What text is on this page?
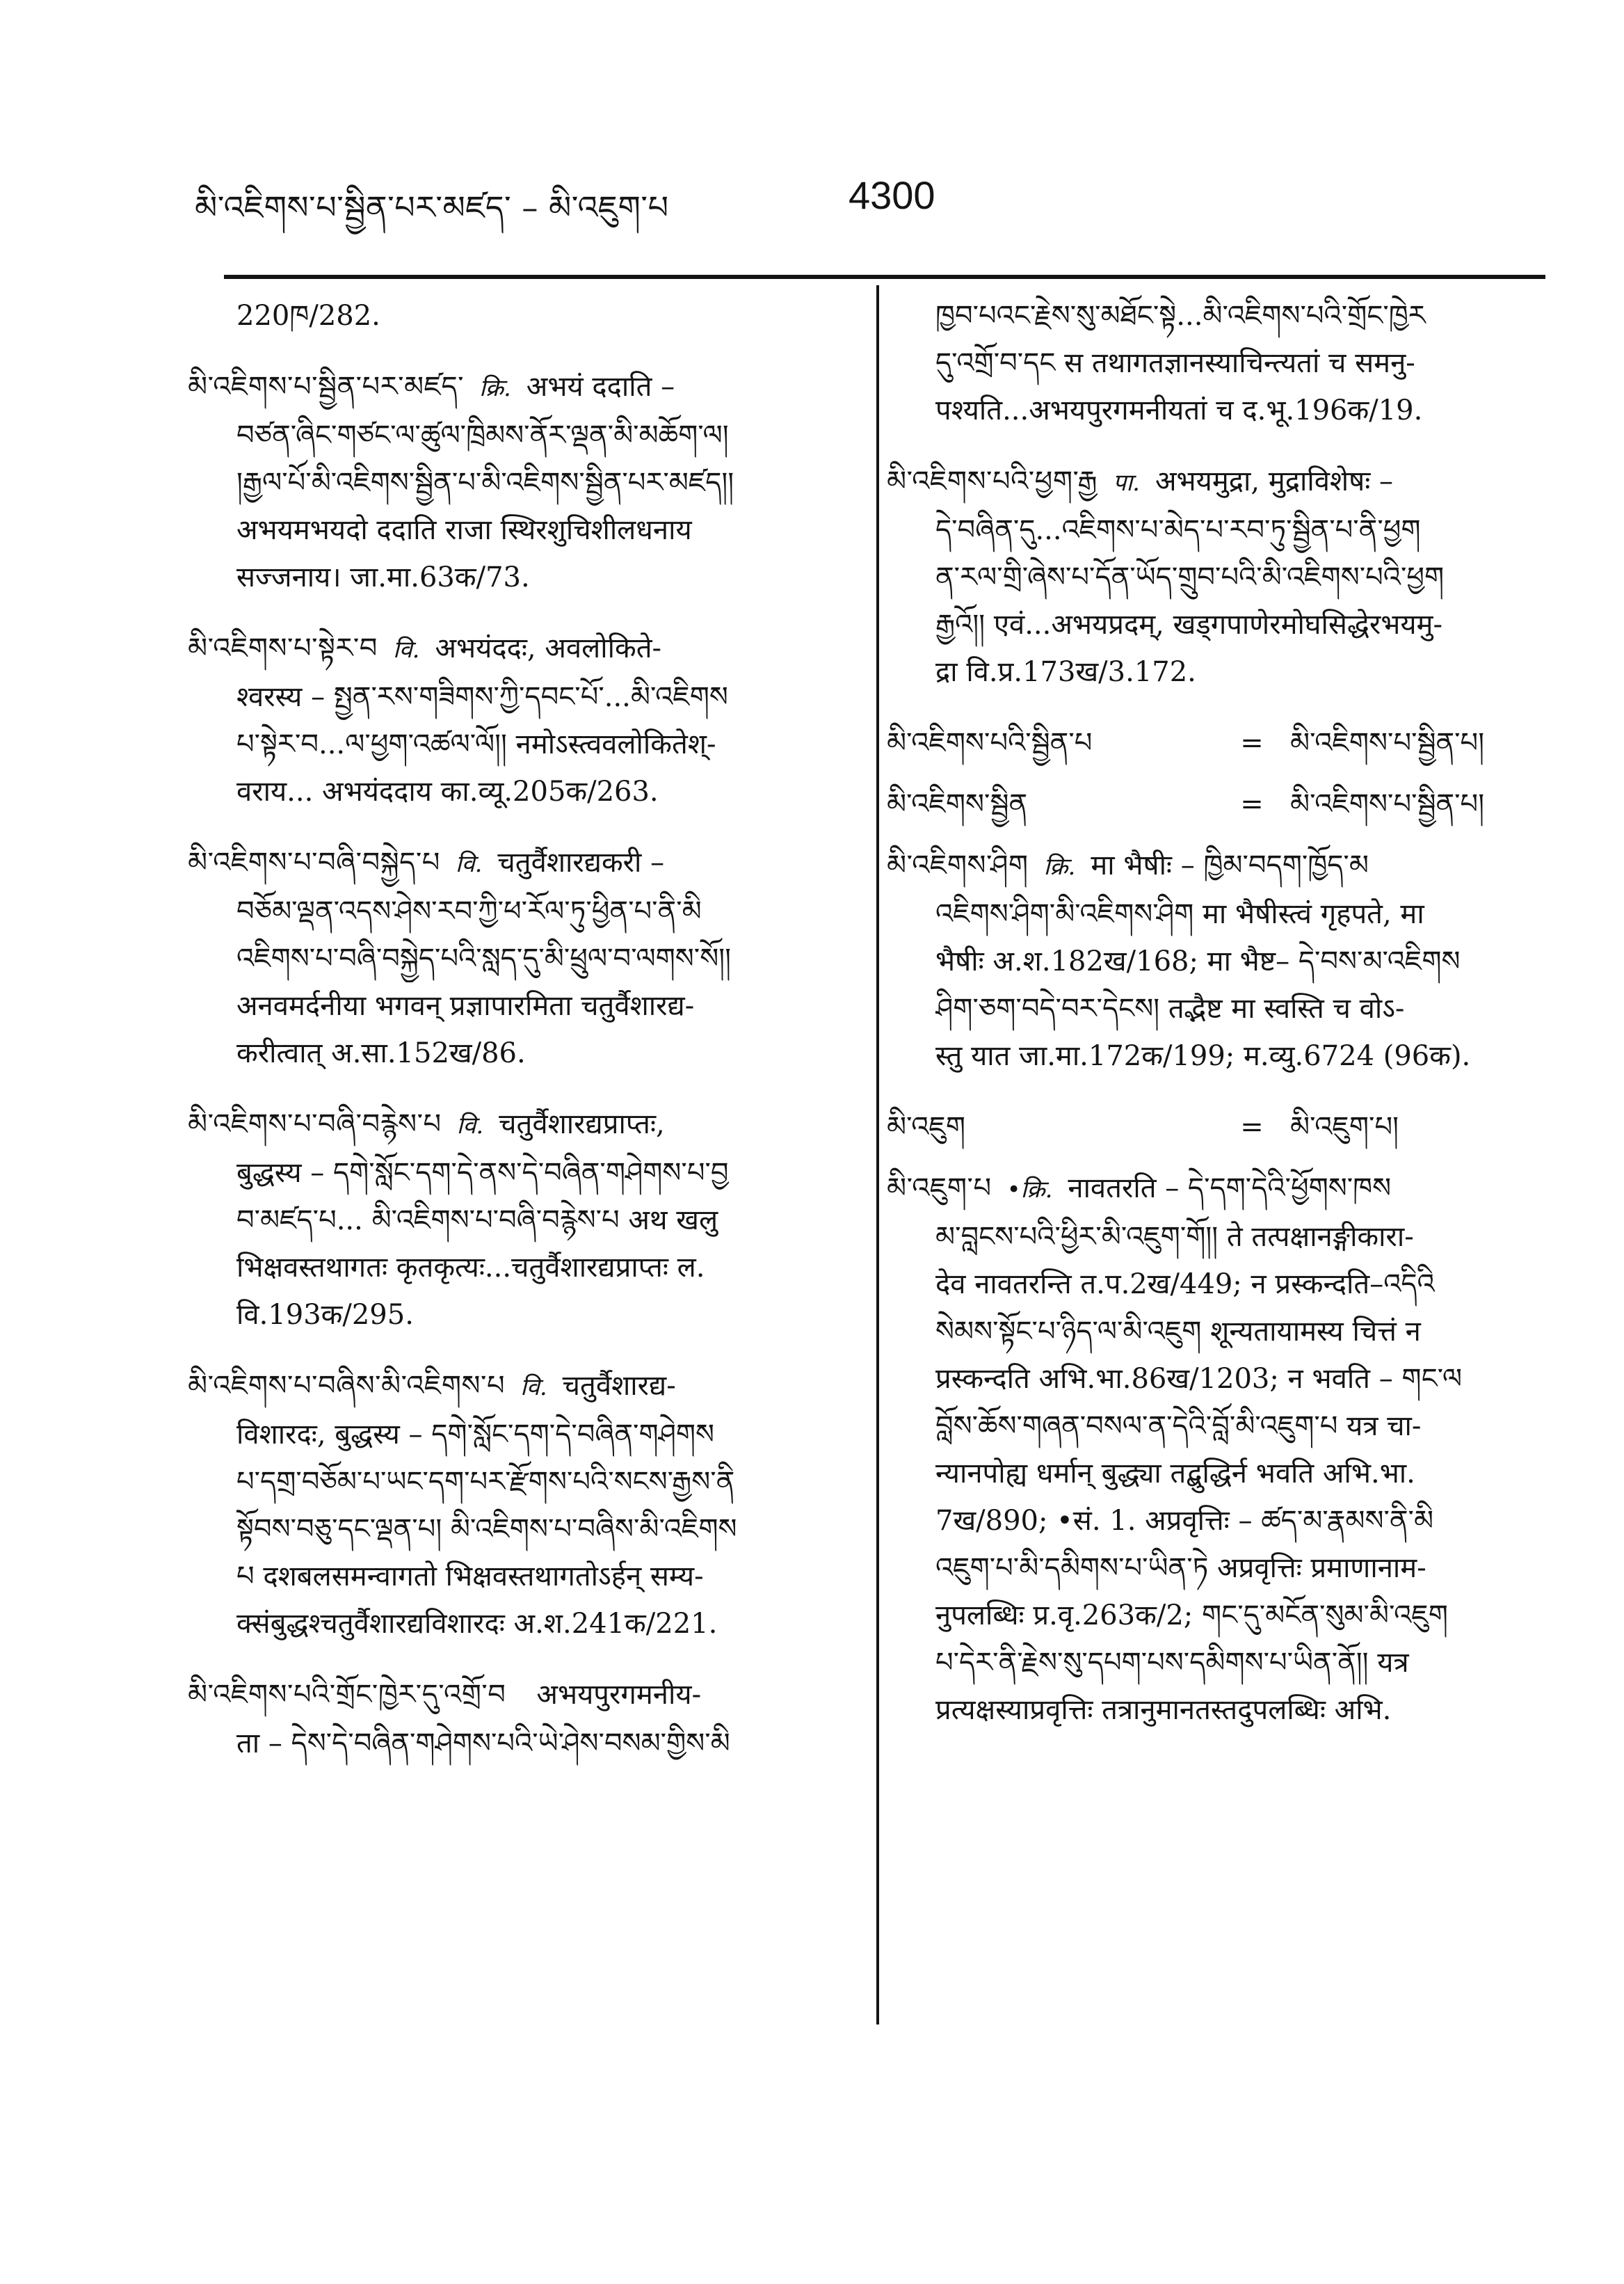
མི་འཇིགས་པ་སྦྱིན་པར་མཛད་ – མི་འཇུག་པ	4300
220ཁ/282.
མི་འཇིགས་པ་སྦྱིན་པར་མཛད་ क्रि. अभयं ददाति –
བཙན་ཞིང་གཙང་ལ་ཚུལ་ཁྲིམས་ནོར་ལྡན་མི་མཆོག་ལ།
།རྒྱལ་པོ་མི་འཇིགས་སྦྱིན་པ་མི་འཇིགས་སྦྱིན་པར་མཛད།།
अभयमभयदो ददाति राजा स्थिरशुचिशीलधनाय
सज्जनाय। जा.मा.63क/73.
མི་འཇིགས་པ་སྟེར་བ वि. अभयंददः, अवलोकिते-
श्वरस्य – སྤྱན་རས་གཟིགས་ཀྱི་དབང་པོ་...མི་འཇིགས
པ་སྟེར་བ...ལ་ཕྱག་འཚལ་ལོ།། नमोऽस्त्ववलोकितेश्-
वराय... अभयंददाय का.व्यू.205क/263.
མི་འཇིགས་པ་བཞི་བསྐྱེད་པ वि. चतुर्वैशारद्यकरी –
བཅོམ་ལྡན་འདས་ཤེས་རབ་ཀྱི་ཕ་རོལ་ཏུ་ཕྱིན་པ་ནི་མི
འཇིགས་པ་བཞི་བསྐྱེད་པའི་སླད་དུ་མི་ཕྲུལ་བ་ལགས་སོ།།
अनवमर्दनीया भगवन् प्रज्ञापारमिता चतुर्वैशारद्य-
करीत्वात् अ.सा.152ख/86.
མི་འཇིགས་པ་བཞི་བརྙེས་པ वि. चतुर्वैशारद्यप्राप्तः,
बुद्धस्य – དགེ་སློང་དག་དེ་ནས་དེ་བཞིན་གཤེགས་པ་བྱ
བ་མཛད་པ... མི་འཇིགས་པ་བཞི་བརྙེས་པ अथ खलु
भिक्षवस्तथागतः कृतकृत्यः...चतुर्वैशारद्यप्राप्तः ल.
वि.193क/295.
མི་འཇིགས་པ་བཞིས་མི་འཇིགས་པ वि. चतुर्वैशारद्य-
विशारदः, बुद्धस्य – དགེ་སློང་དག་དེ་བཞིན་གཤེགས
པ་དགྲ་བཅོམ་པ་ཡང་དག་པར་རྫོགས་པའི་སངས་རྒྱས་ནི
སྟོབས་བཅུ་དང་ལྡན་པ། མི་འཇིགས་པ་བཞིས་མི་འཇིགས
པ दशबलसमन्वागतो भिक्षवस्तथागतोऽर्हन् सम्य-
क्संबुद्धश्चतुर्वैशारद्यविशारदः अ.श.241क/221.
མི་འཇིགས་པའི་གྲོང་ཁྱེར་དུ་འགྲོ་བ अभयपुरगमनीय-
ता – དེས་དེ་བཞིན་གཤེགས་པའི་ཡེ་ཤེས་བསམ་གྱིས་མི
ཁྱབ་པའང་རྗེས་སུ་མཐོང་སྟེ...མི་འཇིགས་པའི་གྲོང་ཁྱེར
དུ་འགྲོ་བ་དང स तथागतज्ञानस्याचिन्त्यतां च समनु-
पश्यति...अभयपुरगमनीयतां च द.भू.196क/19.
མི་འཇིགས་པའི་ཕྱག་རྒྱ पा. अभयमुद्रा, मुद्राविशेषः –
དེ་བཞིན་དུ...འཇིགས་པ་མེད་པ་རབ་ཏུ་སྦྱིན་པ་ནི་ཕྱག
ན་རལ་གྲི་ཞེས་པ་དོན་ཡོད་གྲུབ་པའི་མི་འཇིགས་པའི་ཕྱག
རྒྱའོ།། एवं...अभयप्रदम्, खड्गपाणेरमोघसिद्धेरभयमु-
द्रा वि.प्र.173ख/3.172.
མི་འཇིགས་པའི་སྦྱིན་པ	= མི་འཇིགས་པ་སྦྱིན་པ།
མི་འཇིགས་སྦྱིན	= མི་འཇིགས་པ་སྦྱིན་པ།
མི་འཇིགས་ཤིག क्रि. मा भैषीः – ཁྱིམ་བདག་ཁྱོད་མ
འཇིགས་ཤིག་མི་འཇིགས་ཤིག मा भैषीस्त्वं गृहपते, मा
भैषीः अ.श.182ख/168; मा भैष्ट– དེ་བས་མ་འཇིགས
ཤིག་ཅག་བདེ་བར་དེངས། तद्भैष्ट मा स्वस्ति च वोऽ-
स्तु यात जा.मा.172क/199; म.व्यु.6724 (96क).
མི་འཇུག	= མི་འཇུག་པ།
མི་འཇུག་པ •क्रि. नावतरति – དེ་དག་དེའི་ཕྱོགས་ཁས
མ་བླངས་པའི་ཕྱིར་མི་འཇུག་གོ།། ते तत्पक्षानङ्गीकारा-
देव नावतरन्ति त.प.2ख/449; न प्रस्कन्दति–འདིའི
སེམས་སྟོང་པ་ཉིད་ལ་མི་འཇུག शून्यतायामस्य चित्तं न
प्रस्कन्दति अभि.भा.86ख/1203; न भवति – གང་ལ
བློས་ཆོས་གཞན་བསལ་ན་དེའི་བློ་མི་འཇུག་པ यत्र चा-
न्यानपोह्य धर्मान् बुद्ध्या तद्बुद्धिर्न भवति अभि.भा.
7ख/890; •सं. 1. अप्रवृत्तिः – ཚད་མ་རྣམས་ནི་མི
འཇུག་པ་མི་དམིགས་པ་ཡིན་ཏེ अप्रवृत्तिः प्रमाणानाम-
नुपलब्धिः प्र.वृ.263क/2; གང་དུ་མངོན་སུམ་མི་འཇུག
པ་དེར་ནི་རྗེས་སུ་དཔག་པས་དམིགས་པ་ཡིན་ནོ།། यत्र
प्रत्यक्षस्याप्रवृत्तिः तत्रानुमानतस्तदुपलब्धिः अभि.
